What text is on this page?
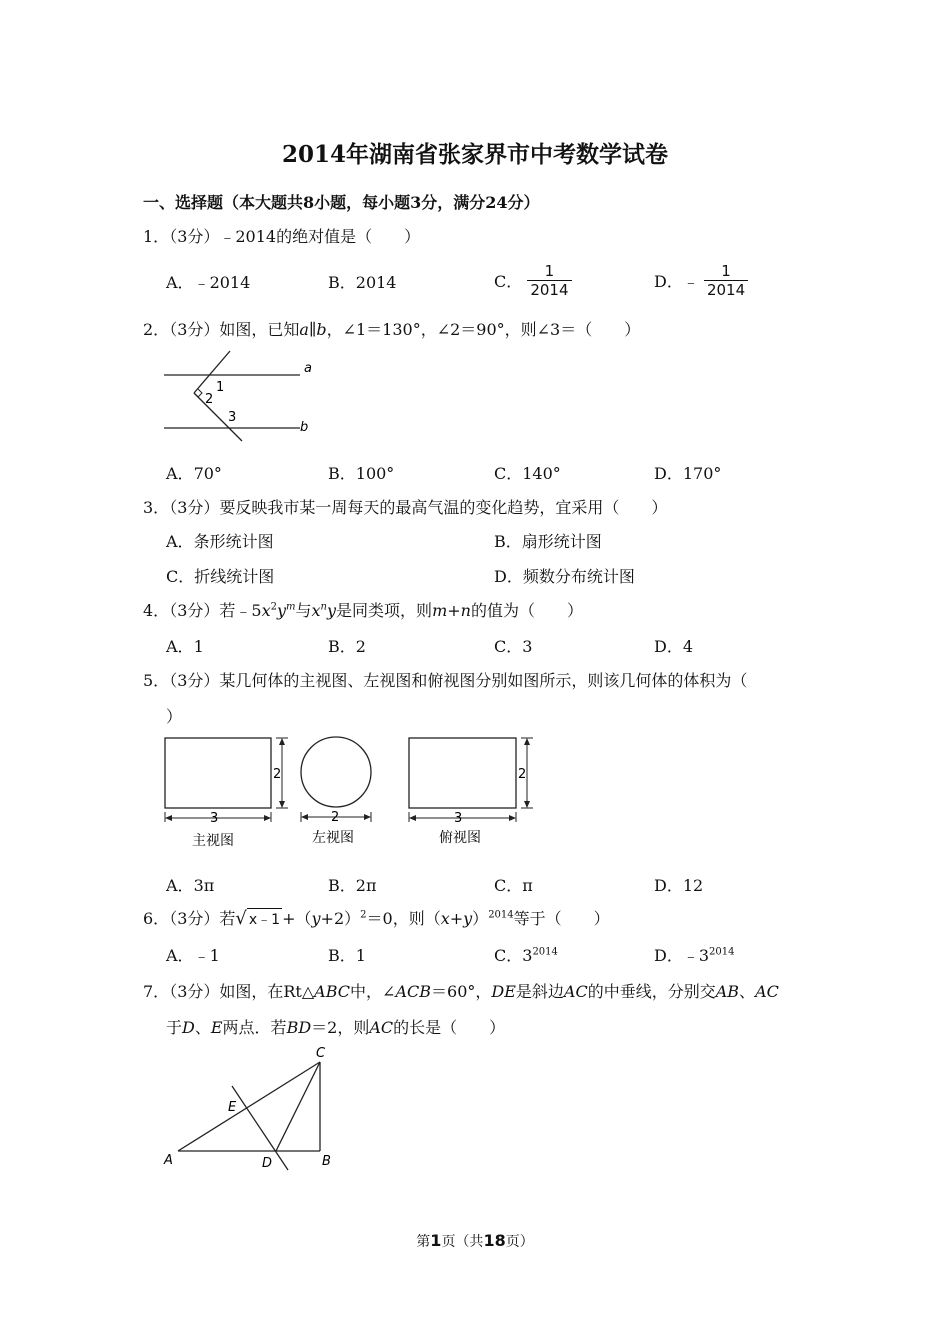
2014年湖南省张家界市中考数学试卷
一、选择题（本大题共8小题，每小题3分，满分24分）
1．（3分）﹣2014的绝对值是（　　）
A．﹣2014	B．2014	C． $\frac{1}{2014}$	D．﹣ $\frac{1}{2014}$
2．（3分）如图，已知a∥b，∠1＝130°，∠2＝90°，则∠3＝（　　）
a
b
1
2
3
A．70°	B．100°	C．140°	D．170°
3．（3分）要反映我市某一周每天的最高气温的变化趋势，宜采用（　　）
A．条形统计图	B．扇形统计图
C．折线统计图	D．频数分布统计图
4．（3分）若$﹣5x^2y^m$与$x^ny$是同类项，则m+n的值为（　　）
A．1	B．2	C．3	D．4
5．（3分）某几何体的主视图、左视图和俯视图分别如图所示，则该几何体的体积为（
）
2
3
主视图
2
左视图
2
3
俯视图
A．3π	B．2π	C．π	D．12
6．（3分）若√ x﹣1 $+(y+2)^2=0$，则$(x+y)^{2014}$等于（　　）
A．﹣1	B．1	C．$3^{2014}$	D．$﹣3^{2014}$
7．（3分）如图，在Rt△ABC中，∠ACB＝60°，DE是斜边AC的中垂线，分别交AB、AC
于D、E两点．若BD＝2，则AC的长是（　　）
A	B
C
D
E
第1页（共18页）
